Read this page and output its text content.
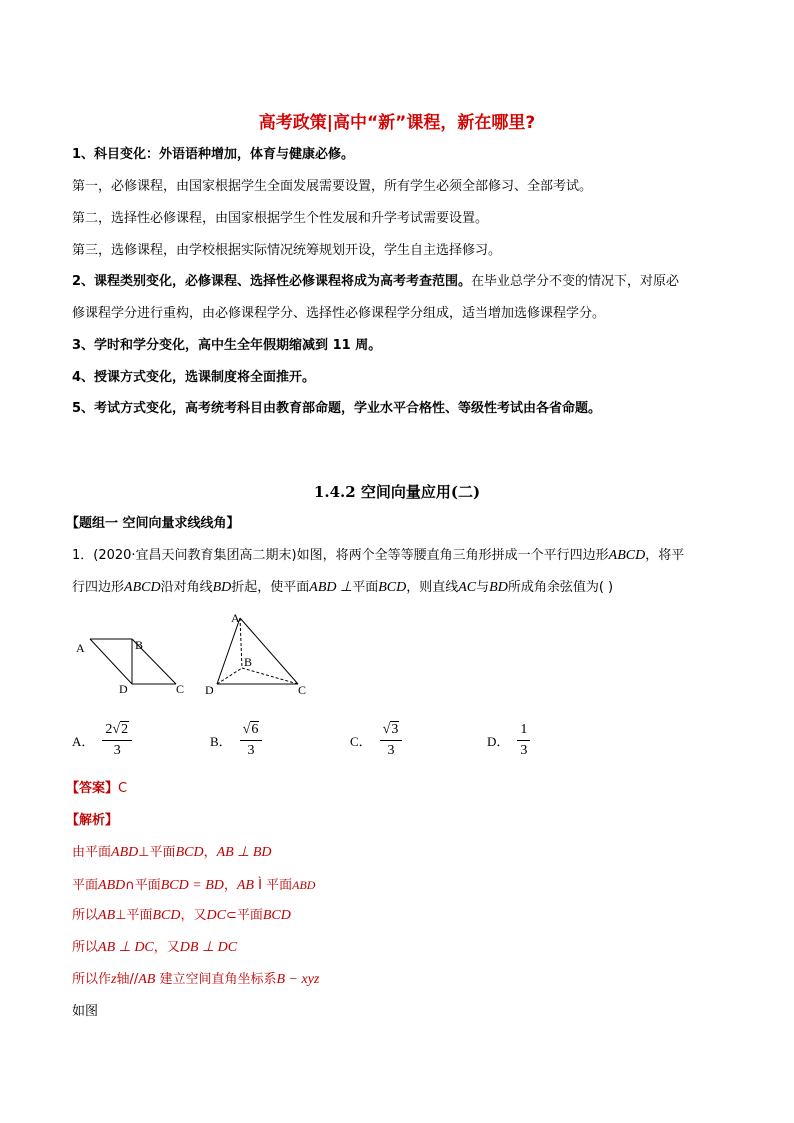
高考政策|高中“新”课程，新在哪里?
1、科目变化：外语语种增加，体育与健康必修。
第一，必修课程，由国家根据学生全面发展需要设置，所有学生必须全部修习、全部考试。
第二，选择性必修课程，由国家根据学生个性发展和升学考试需要设置。
第三，选修课程，由学校根据实际情况统筹规划开设，学生自主选择修习。
2、课程类别变化，必修课程、选择性必修课程将成为高考考查范围。在毕业总学分不变的情况下，对原必
修课程学分进行重构，由必修课程学分、选择性必修课程学分组成，适当增加选修课程学分。
3、学时和学分变化，高中生全年假期缩减到 11 周。
4、授课方式变化，选课制度将全面推开。
5、考试方式变化，高考统考科目由教育部命题，学业水平合格性、等级性考试由各省命题。
1.4.2 空间向量应用(二)
【题组一 空间向量求线线角】
1．(2020·宜昌天问教育集团高二期末)如图，将两个全等等腰直角三角形拼成一个平行四边形ABCD，将平
行四边形ABCD沿对角线BD折起，使平面ABD ⊥平面BCD，则直线AC与BD所成角余弦值为( )
A	B
D	C
A
B
D	C
A． $\frac{2√2}{3}$	B． $\frac{√6}{3}$	C． $\frac{√3}{3}$	D． $\frac{1}{3}$
【答案】C
【解析】
由平面ABD⊥平面BCD，AB ⊥ BD
平面ABD∩平面BCD = BD，AB Ì 平面ABD
所以AB⊥平面BCD，又DC⊂平面BCD
所以AB ⊥ DC，又DB ⊥ DC
所以作z轴//AB 建立空间直角坐标系B − xyz
如图
